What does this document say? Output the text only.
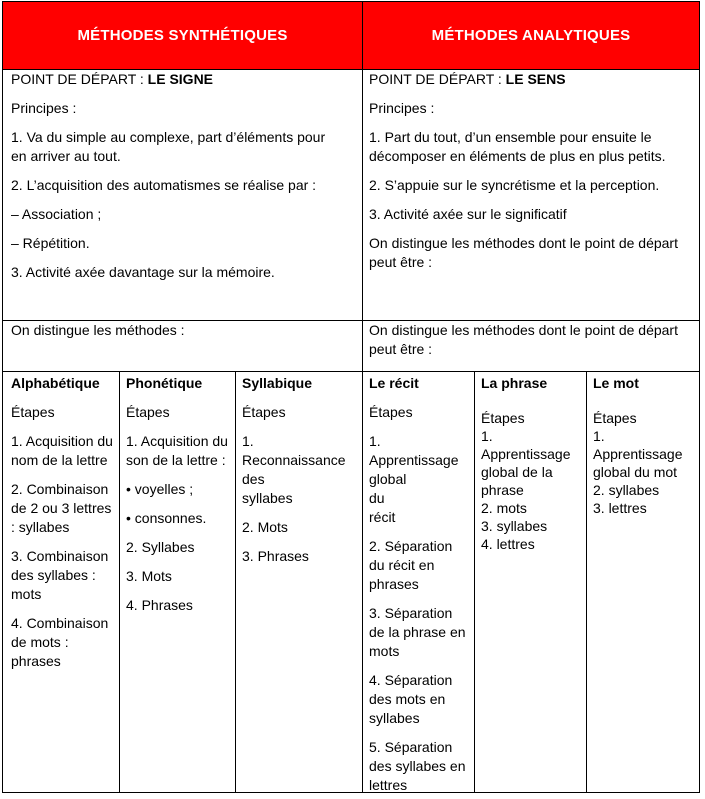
MÉTHODES SYNTHÉTIQUES	MÉTHODES ANALYTIQUES

POINT DE DÉPART : LE SIGNE

Principes :

1. Va du simple au complexe, part d’éléments pour en arriver au tout.

2. L’acquisition des automatismes se réalise par :

– Association ;

– Répétition.

3. Activité axée davantage sur la mémoire.

POINT DE DÉPART : LE SENS

Principes :

1. Part du tout, d’un ensemble pour ensuite le décomposer en éléments de plus en plus petits.

2. S’appuie sur le syncrétisme et la perception.

3. Activité axée sur le significatif

On distingue les méthodes dont le point de départ peut être :

On distingue les méthodes :	On distingue les méthodes dont le point de départ peut être :

Alphabétique

Étapes

1. Acquisition du nom de la lettre

2. Combinaison de 2 ou 3 lettres : syllabes

3. Combinaison des syllabes : mots

4. Combinaison de mots : phrases

Phonétique

Étapes

1. Acquisition du son de la lettre :

• voyelles ;

• consonnes.

2. Syllabes

3. Mots

4. Phrases

Syllabique

Étapes

1. Reconnaissance des syllabes

2. Mots

3. Phrases

Le récit

Étapes

1. Apprentissage global du récit

2. Séparation du récit en phrases

3. Séparation de la phrase en mots

4. Séparation des mots en syllabes

5. Séparation des syllabes en lettres

La phrase

Étapes

1. Apprentissage global de la phrase

2. mots

3. syllabes

4. lettres

Le mot

Étapes

1. Apprentissage global du mot

2. syllabes

3. lettres
